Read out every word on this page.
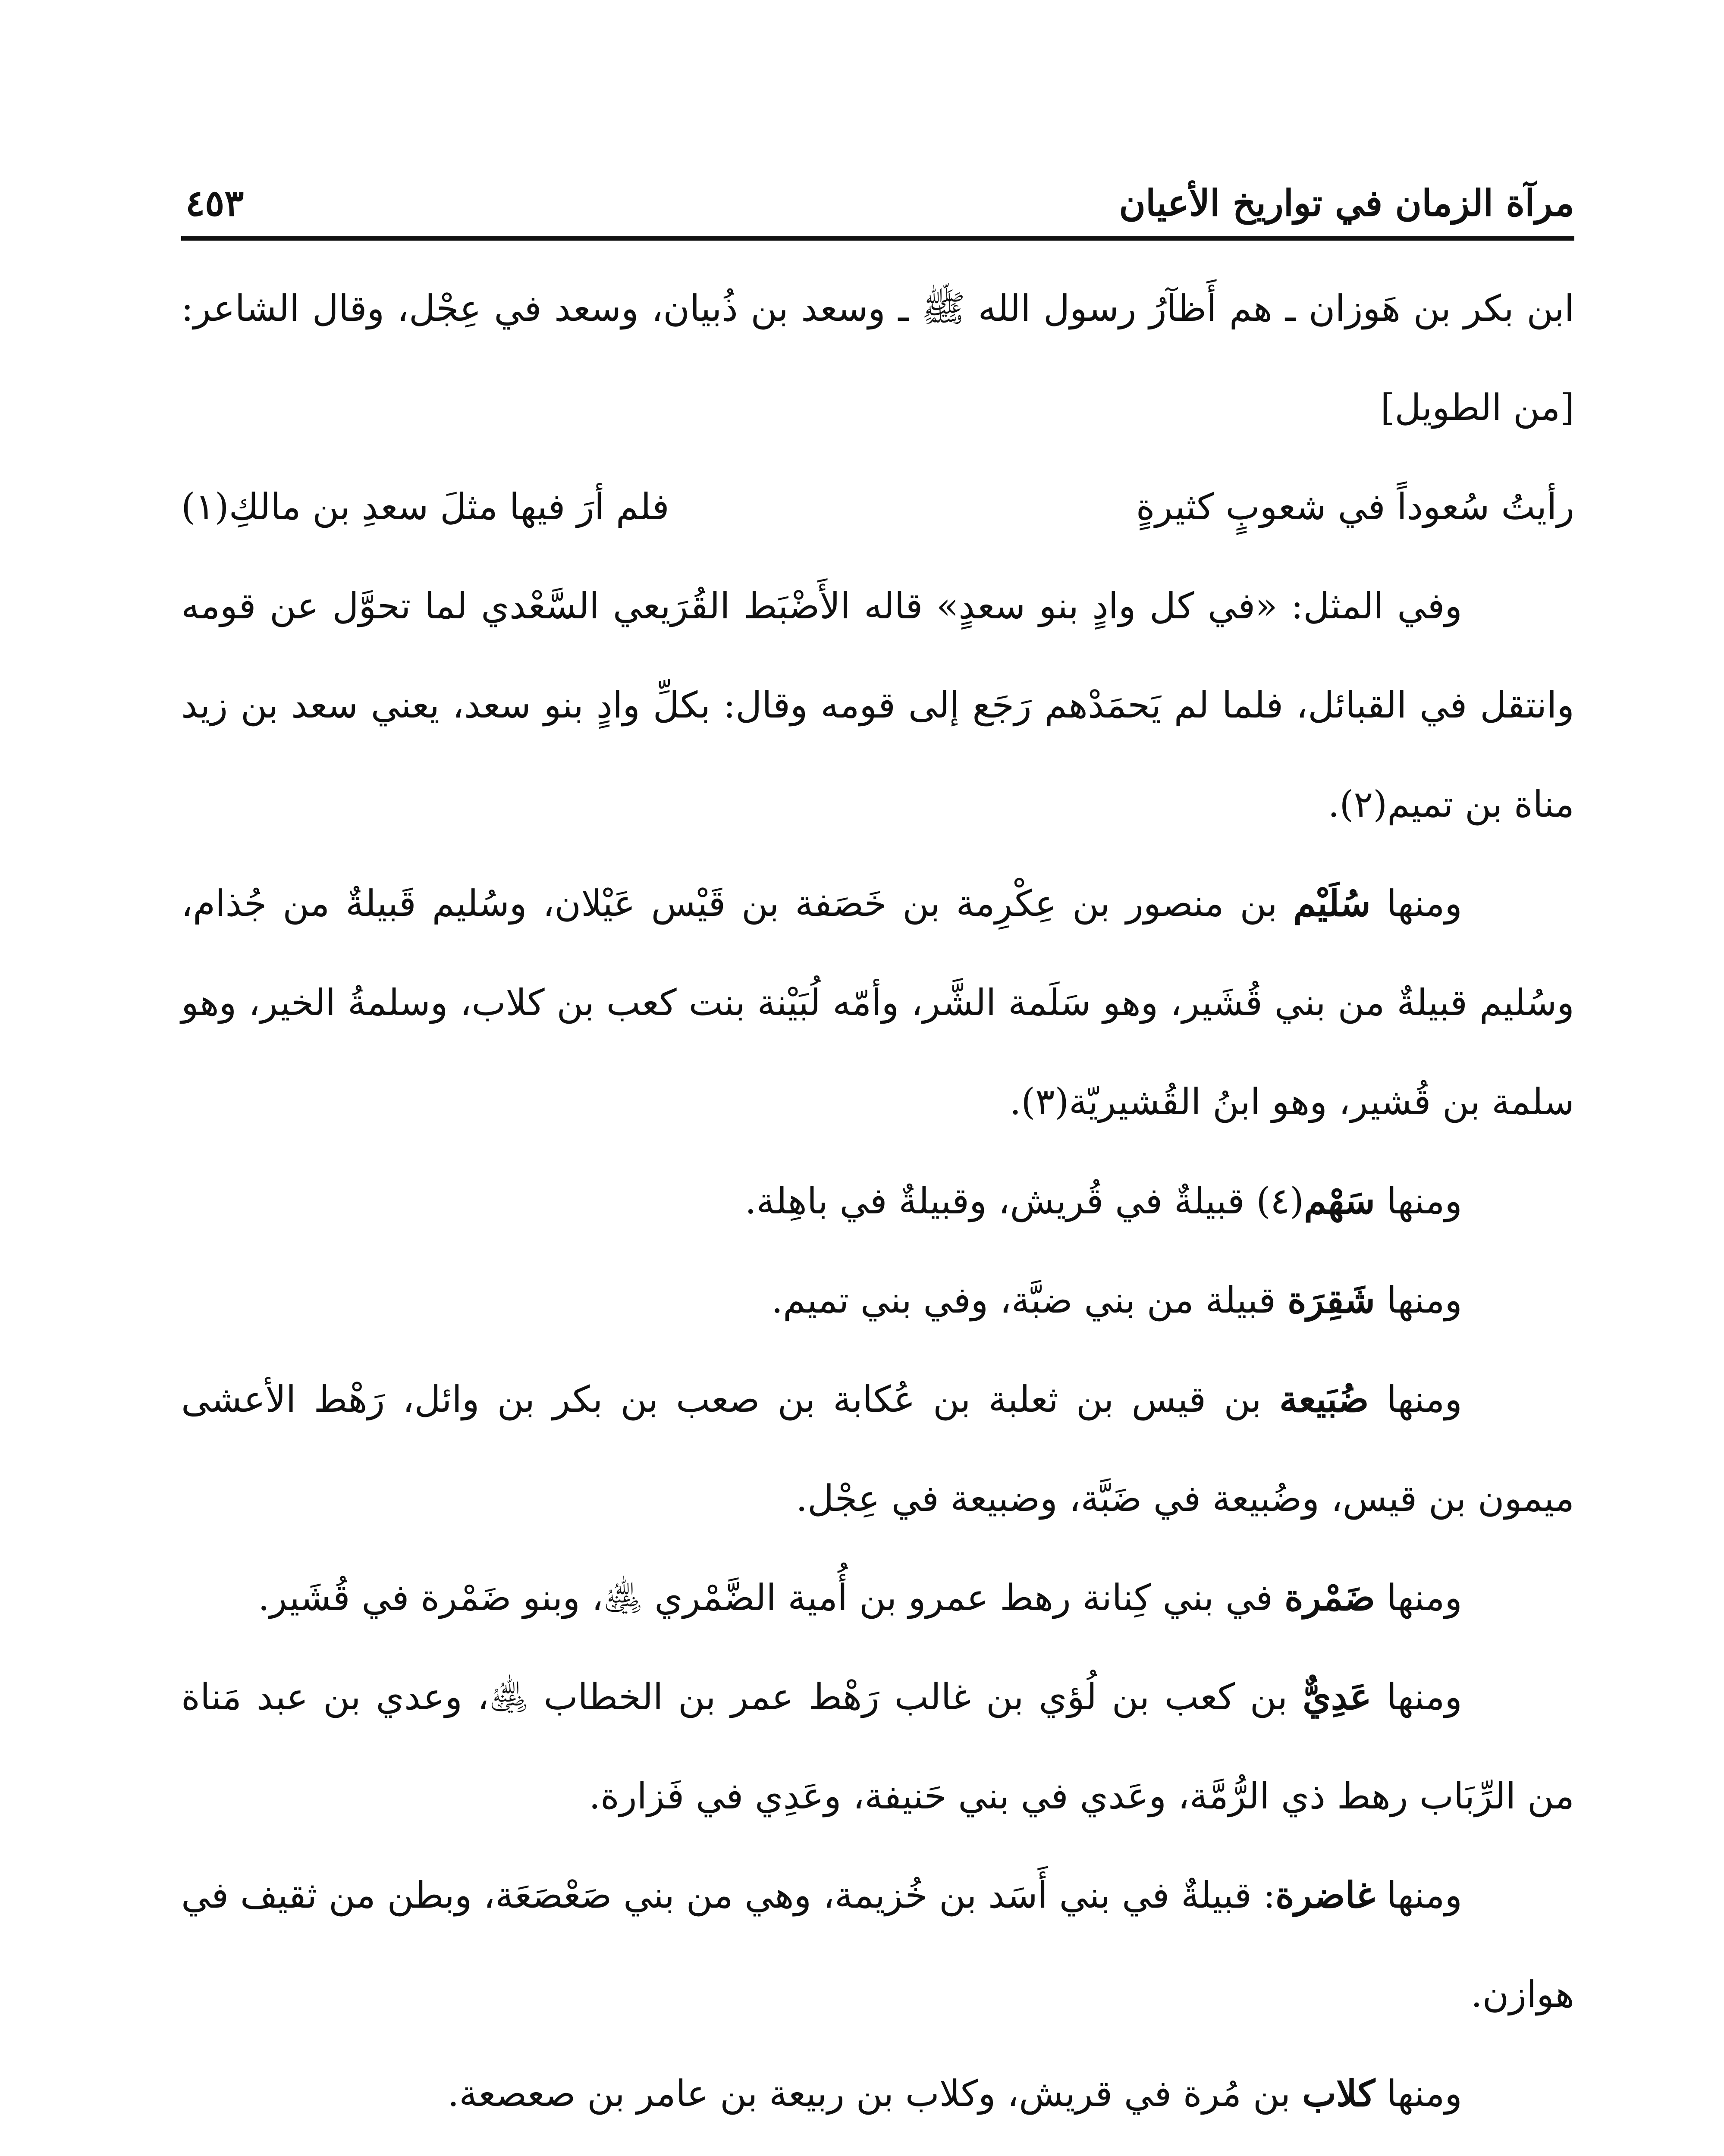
مرآة الزمان في تواريخ الأعيان
٤٥٣

ابن بكر بن هَوزان ـ هم أَظآرُ رسول الله ﷺ ـ وسعد بن ذُبيان، وسعد في عِجْل، وقال الشاعر: [من الطويل]

رأيتُ سُعوداً في شعوبٍ كثيرةٍ
فلم أرَ فيها مثلَ سعدِ بن مالكِ(١)

وفي المثل: «في كل وادٍ بنو سعدٍ» قاله الأَضْبَط القُرَيعي السَّعْدي لما تحوَّل عن قومه وانتقل في القبائل، فلما لم يَحمَدْهم رَجَع إلى قومه وقال: بكلِّ وادٍ بنو سعد، يعني سعد بن زيد مناة بن تميم(٢).

ومنها سُلَيْم بن منصور بن عِكْرِمة بن خَصَفة بن قَيْس عَيْلان، وسُليم قَبيلةٌ من جُذام، وسُليم قبيلةٌ من بني قُشَير، وهو سَلَمة الشَّر، وأمّه لُبَيْنة بنت كعب بن كلاب، وسلمةُ الخير، وهو سلمة بن قُشير، وهو ابنُ القُشيريّة(٣).

ومنها سَهْم(٤) قبيلةٌ في قُريش، وقبيلةٌ في باهِلة.

ومنها شَقِرَة قبيلة من بني ضبَّة، وفي بني تميم.

ومنها ضُبَيعة بن قيس بن ثعلبة بن عُكابة بن صعب بن بكر بن وائل، رَهْط الأعشى ميمون بن قيس، وضُبيعة في ضَبَّة، وضبيعة في عِجْل.

ومنها ضَمْرة في بني كِنانة رهط عمرو بن أُمية الضَّمْري ﵁، وبنو ضَمْرة في قُشَير.

ومنها عَدِيٌّ بن كعب بن لُؤي بن غالب رَهْط عمر بن الخطاب ﵁، وعدي بن عبد مَناة من الرِّبَاب رهط ذي الرُّمَّة، وعَدي في بني حَنيفة، وعَدِي في فَزارة.

ومنها غاضرة: قبيلةٌ في بني أَسَد بن خُزيمة، وهي من بني صَعْصَعَة، وبطن من ثقيف في هوازن.

ومنها كلاب بن مُرة في قريش، وكلاب بن ربيعة بن عامر بن صعصعة.
